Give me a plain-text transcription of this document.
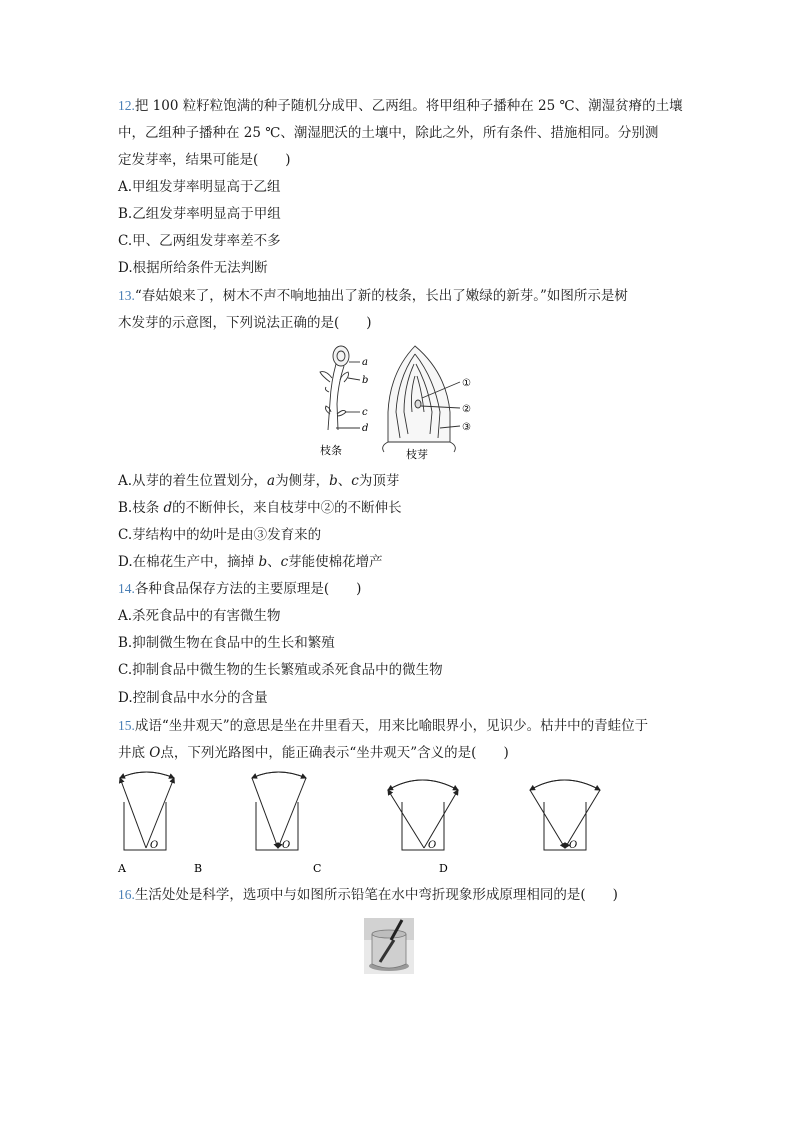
12.把 100 粒籽粒饱满的种子随机分成甲、乙两组。将甲组种子播种在 25 ℃、潮湿贫瘠的土壤
中，乙组种子播种在 25 ℃、潮湿肥沃的土壤中，除此之外，所有条件、措施相同。分别测
定发芽率，结果可能是(　　)
A.甲组发芽率明显高于乙组
B.乙组发芽率明显高于甲组
C.甲、乙两组发芽率差不多
D.根据所给条件无法判断
13.“春姑娘来了，树木不声不响地抽出了新的枝条，长出了嫩绿的新芽。”如图所示是树
木发芽的示意图，下列说法正确的是(　　)
a
b
c
d
枝条
①
②
③
枝芽
A.从芽的着生位置划分，a为侧芽，b、c为顶芽
B.枝条 d的不断伸长，来自枝芽中②的不断伸长
C.芽结构中的幼叶是由③发育来的
D.在棉花生产中，摘掉 b、c芽能使棉花增产
14.各种食品保存方法的主要原理是(　　)
A.杀死食品中的有害微生物
B.抑制微生物在食品中的生长和繁殖
C.抑制食品中微生物的生长繁殖或杀死食品中的微生物
D.控制食品中水分的含量
15.成语“坐井观天”的意思是坐在井里看天，用来比喻眼界小，见识少。枯井中的青蛙位于
井底 O点，下列光路图中，能正确表示“坐井观天”含义的是(　　)
O
A
O
B
O
C
O
D
16.生活处处是科学，选项中与如图所示铅笔在水中弯折现象形成原理相同的是(　　)
